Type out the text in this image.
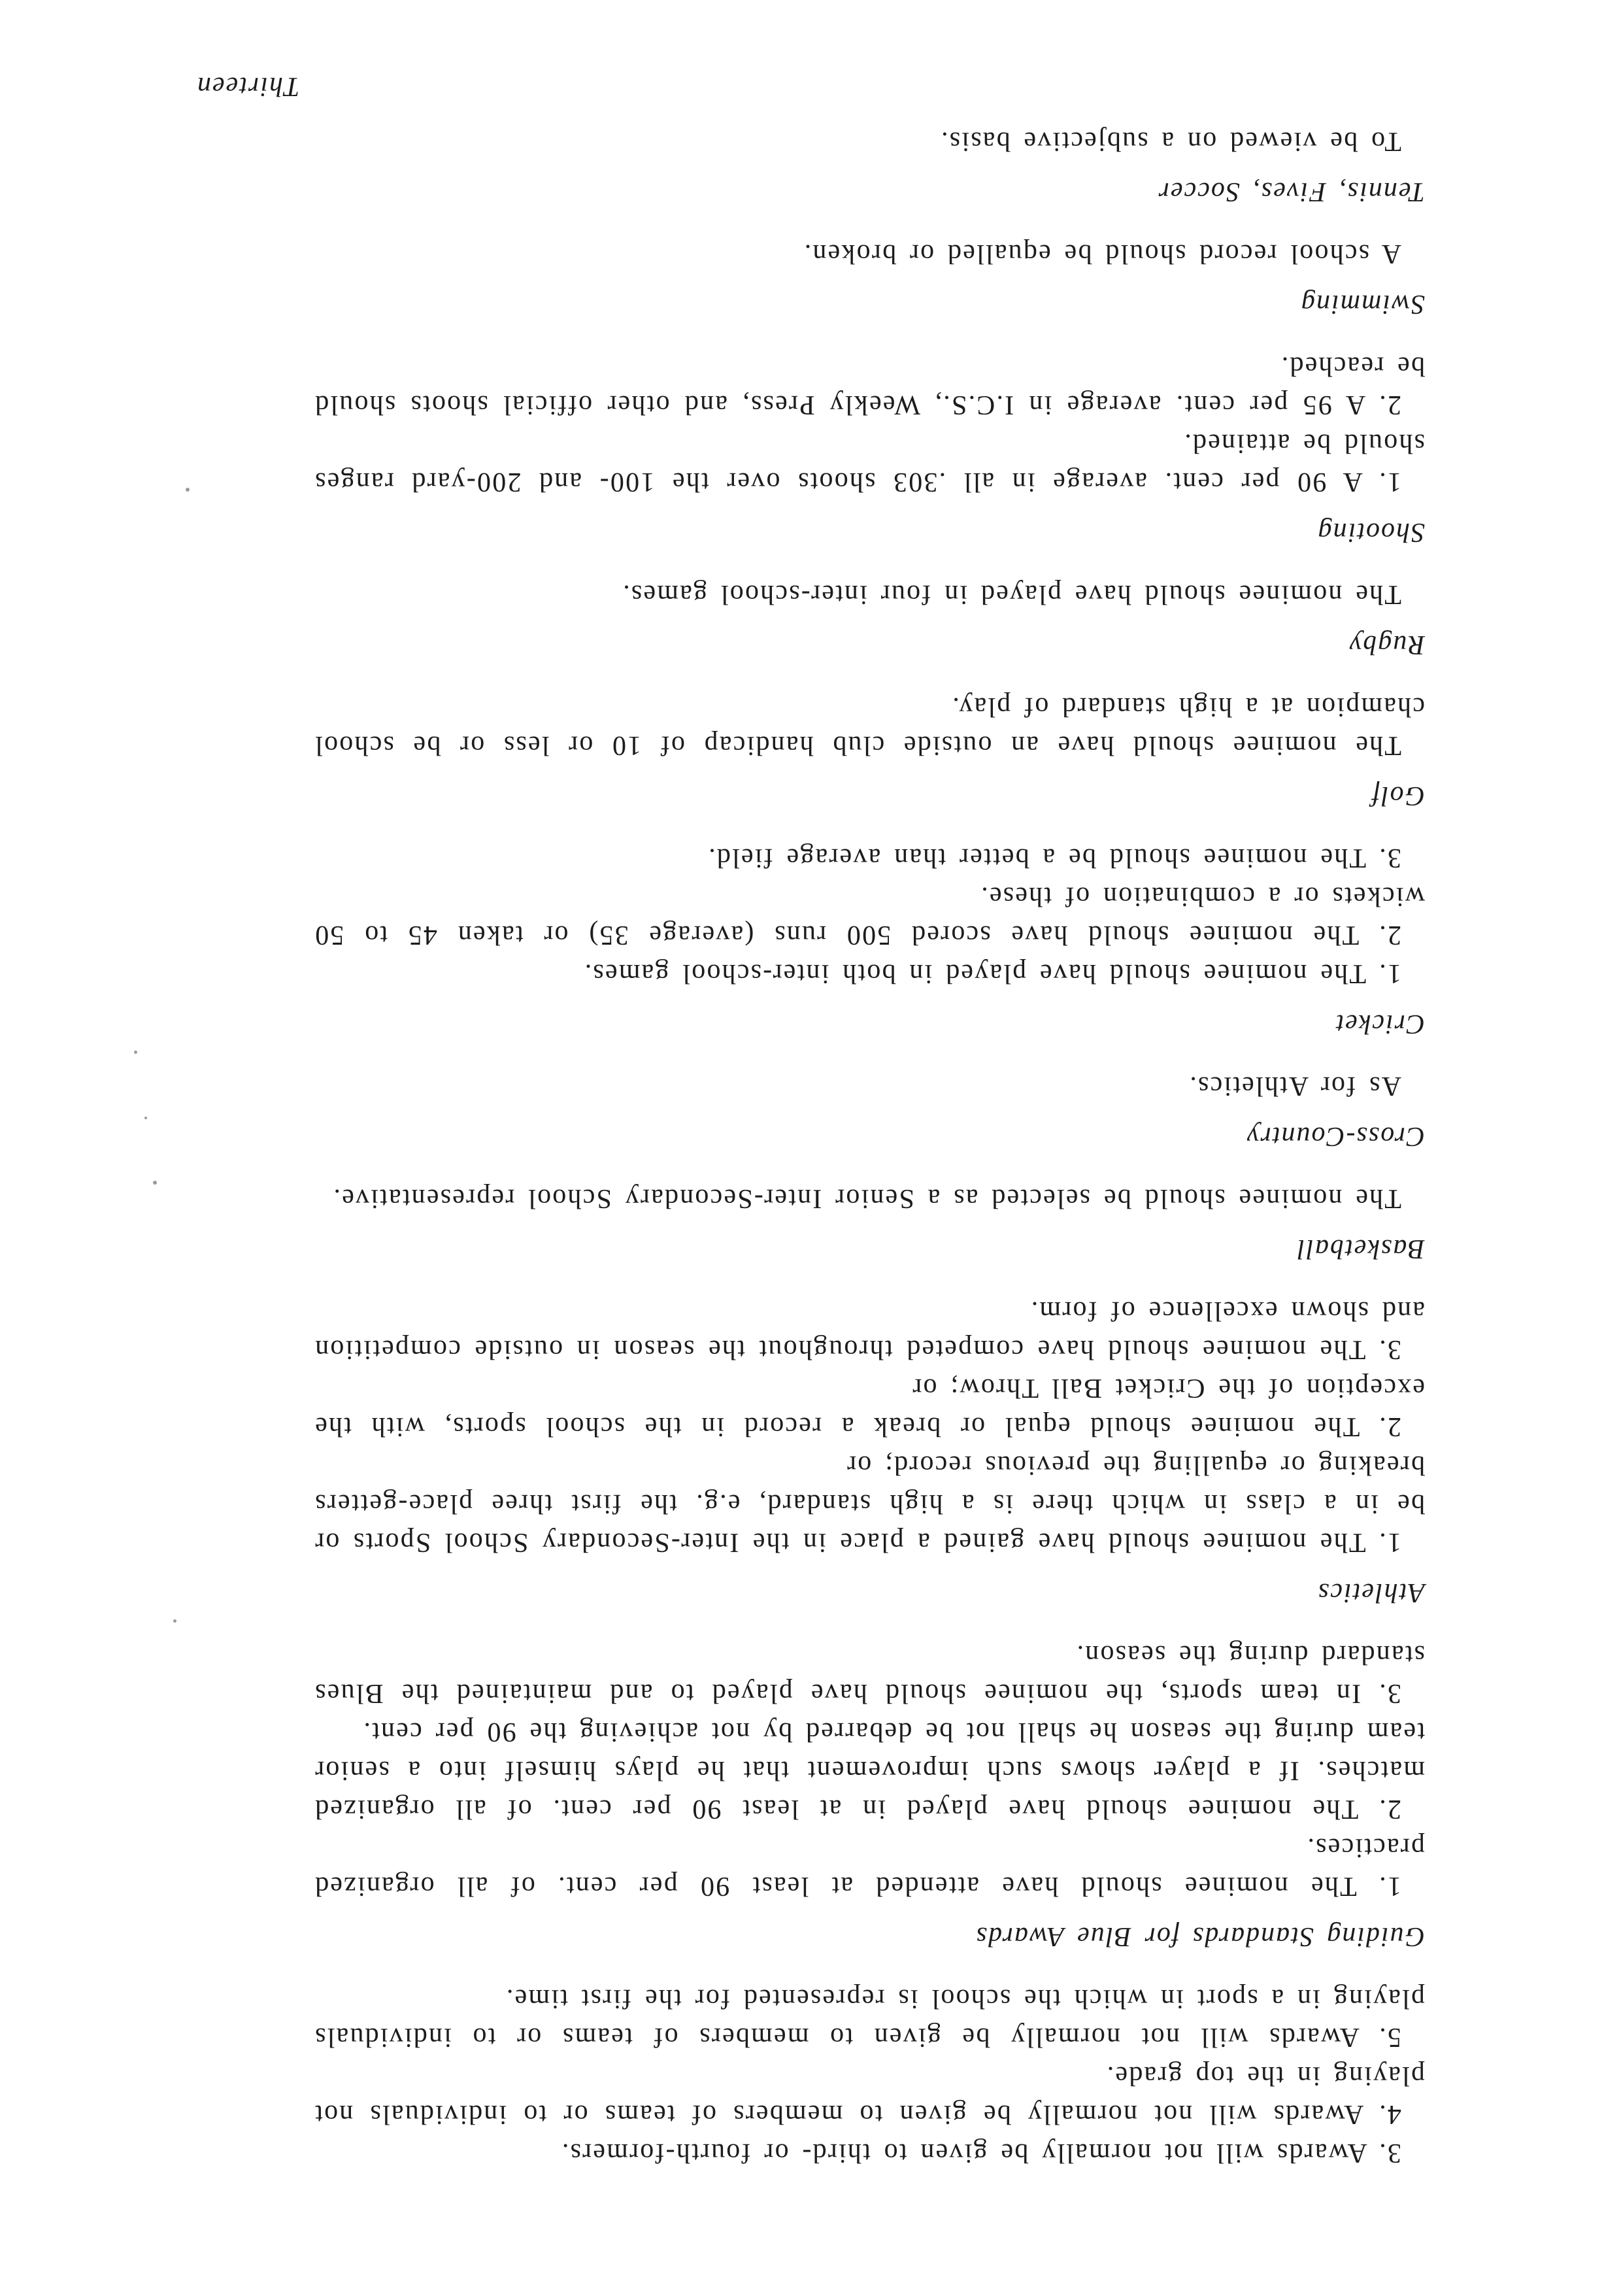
3. Awards will not normally be given to third- or fourth-formers.

4. Awards will not normally be given to members of teams or to individuals not playing in the top grade.

5. Awards will not normally be given to members of teams or to individuals playing in a sport in which the school is represented for the first time.

Guiding Standards for Blue Awards

1. The nominee should have attended at least 90 per cent. of all organized practices.

2. The nominee should have played in at least 90 per cent. of all organized matches. If a player shows such improvement that he plays himself into a senior team during the season he shall not be debarred by not achieving the 90 per cent.

3. In team sports, the nominee should have played to and maintained the Blues standard during the season.

Athletics

1. The nominee should have gained a place in the Inter-Secondary School Sports or be in a class in which there is a high standard, e.g. the first three place-getters breaking or equalling the previous record; or

2. The nominee should equal or break a record in the school sports, with the exception of the Cricket Ball Throw; or

3. The nominee should have competed throughout the season in outside competition and shown excellence of form.

Basketball

The nominee should be selected as a Senior Inter-Secondary School representative.

Cross-Country

As for Athletics.

Cricket

1. The nominee should have played in both inter-school games.

2. The nominee should have scored 500 runs (average 35) or taken 45 to 50 wickets or a combination of these.

3. The nominee should be a better than average field.

Golf

The nominee should have an outside club handicap of 10 or less or be school champion at a high standard of play.

Rugby

The nominee should have played in four inter-school games.

Shooting

1. A 90 per cent. average in all .303 shoots over the 100- and 200-yard ranges should be attained.

2. A 95 per cent. average in I.C.S., Weekly Press, and other official shoots should be reached.

Swimming

A school record should be equalled or broken.

Tennis, Fives, Soccer

To be viewed on a subjective basis.

Thirteen
